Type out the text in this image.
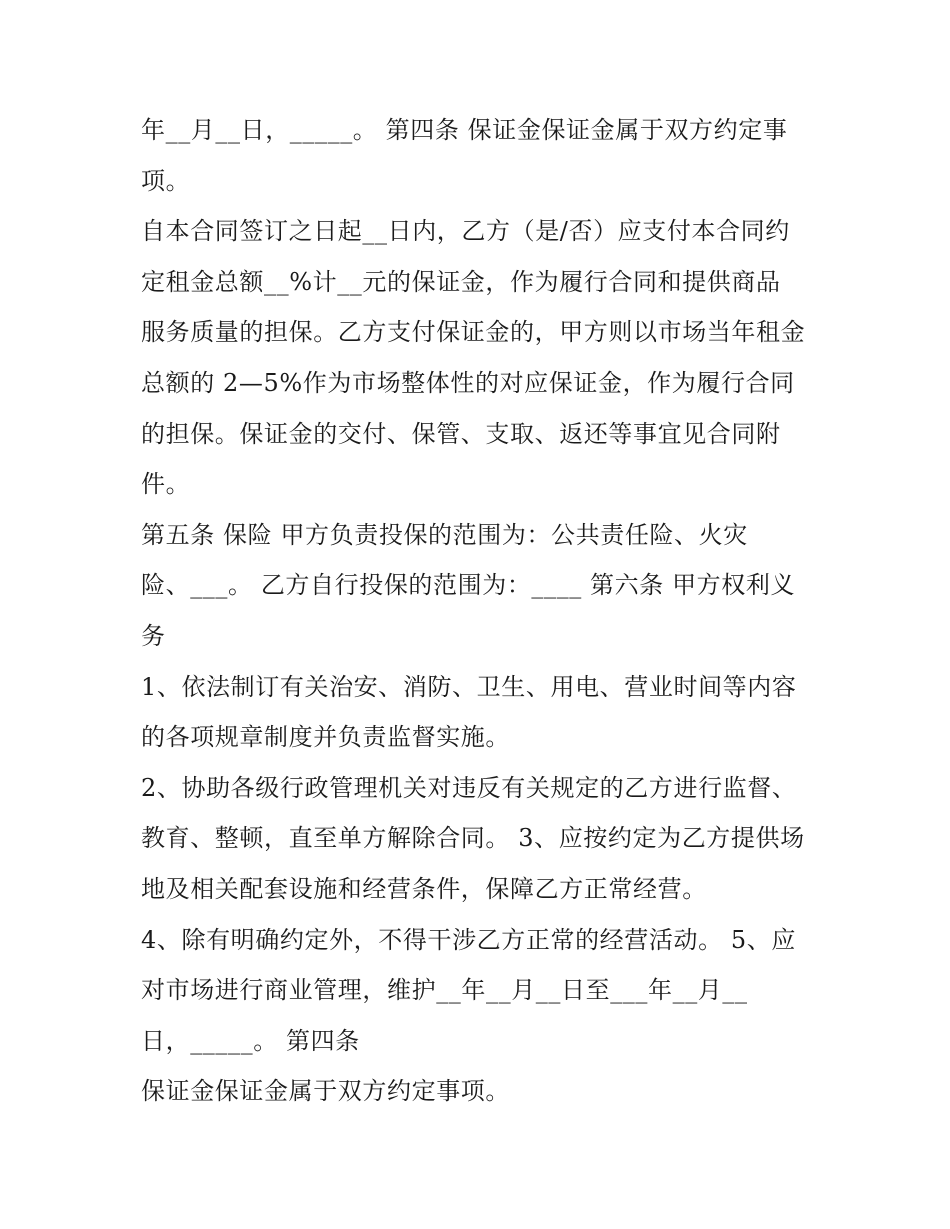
年__月__日，_____。 第四条 保证金保证金属于双方约定事
项。
自本合同签订之日起__日内，乙方（是/否）应支付本合同约
定租金总额__%计__元的保证金，作为履行合同和提供商品
服务质量的担保。乙方支付保证金的，甲方则以市场当年租金
总额的 2—5%作为市场整体性的对应保证金，作为履行合同
的担保。保证金的交付、保管、支取、返还等事宜见合同附
件。
第五条 保险 甲方负责投保的范围为：公共责任险、火灾
险、___。 乙方自行投保的范围为：____ 第六条 甲方权利义
务
1、依法制订有关治安、消防、卫生、用电、营业时间等内容
的各项规章制度并负责监督实施。
2、协助各级行政管理机关对违反有关规定的乙方进行监督、
教育、整顿，直至单方解除合同。 3、应按约定为乙方提供场
地及相关配套设施和经营条件，保障乙方正常经营。
4、除有明确约定外，不得干涉乙方正常的经营活动。 5、应
对市场进行商业管理，维护__年__月__日至___年__月__
日，_____。 第四条
保证金保证金属于双方约定事项。
